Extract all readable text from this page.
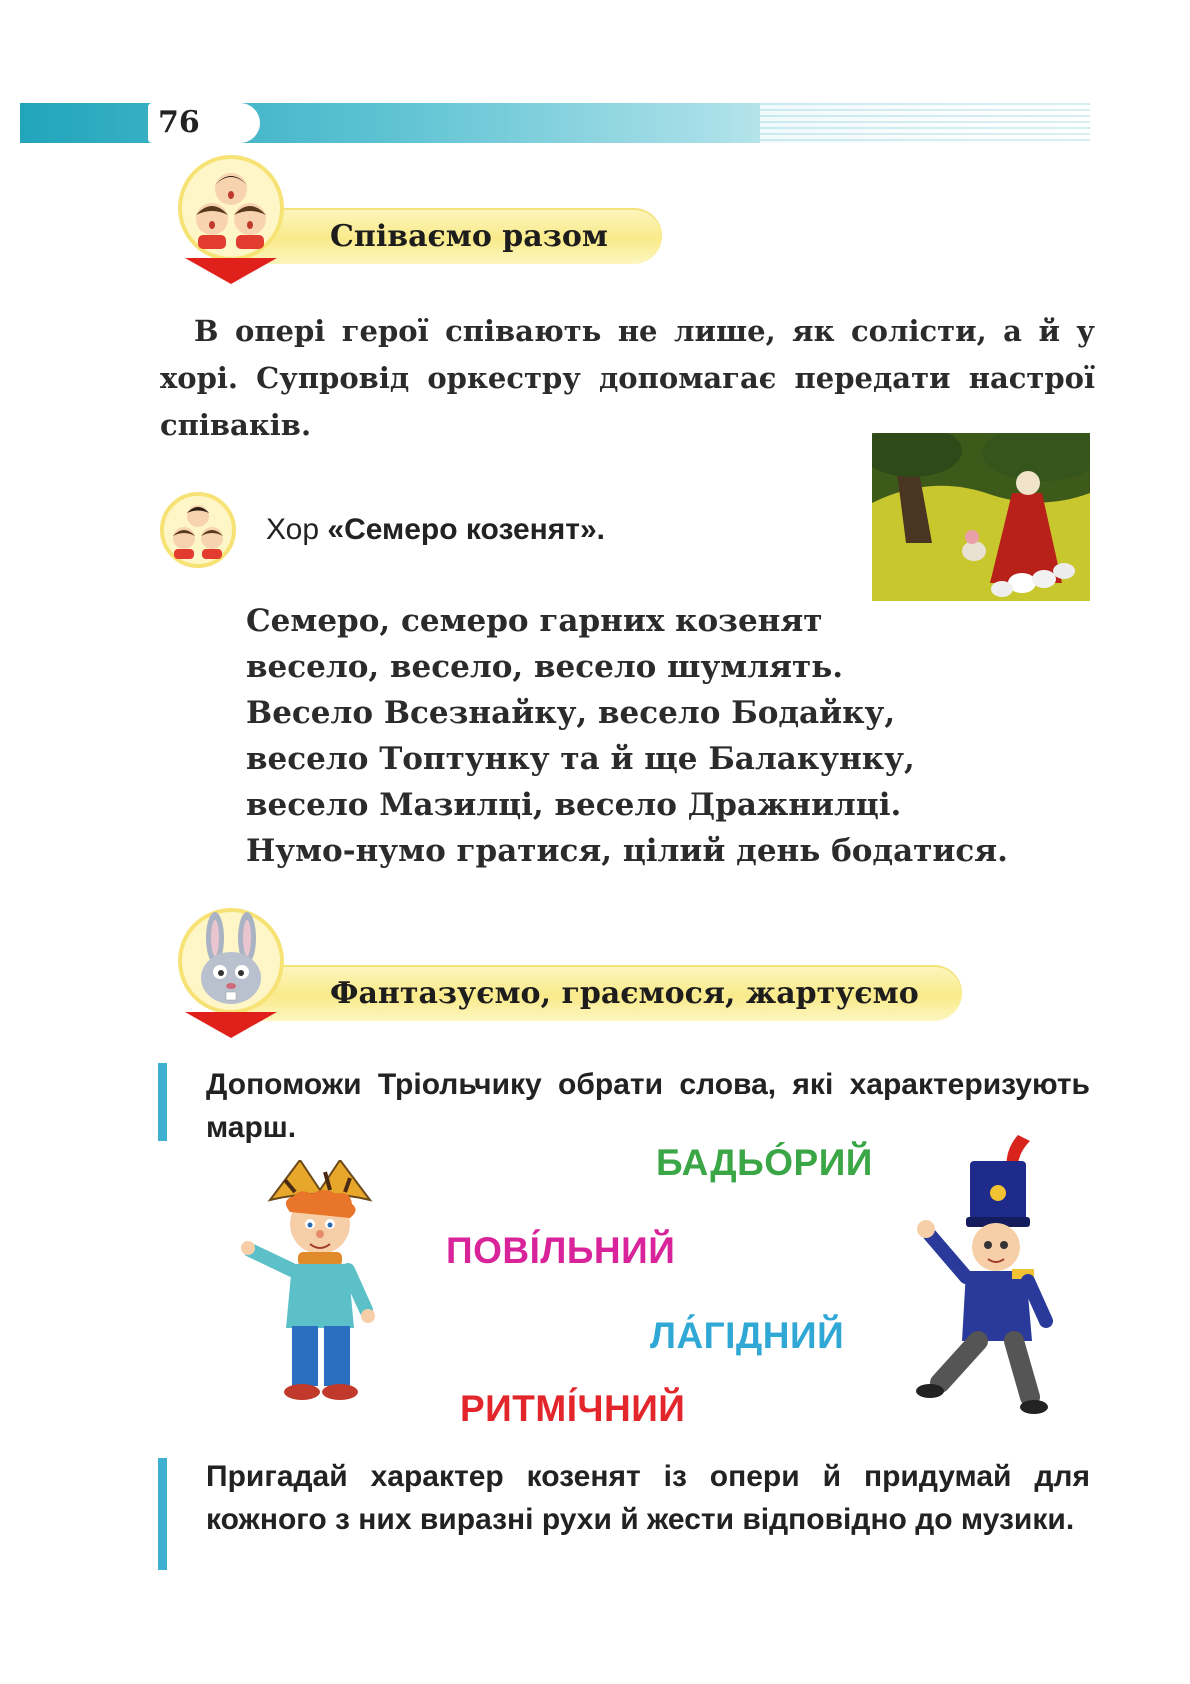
76
Співаємо разом
В опері герої співають не лише, як солісти, а й у хорі. Супровід оркестру допомагає передати настрої співаків.
Хор «Семеро козенят».
Семеро, семеро гарних козенят
весело, весело, весело шумлять.
Весело Всезнайку, весело Бодайку,
весело Топтунку та й ще Балакунку,
весело Мазилці, весело Дражнилці.
Нумо-нумо гратися, цілий день бодатися.
Фантазуємо, граємося, жартуємо
Допоможи Тріольчику обрати слова, які характеризують марш.
БАДЬÓРИЙ
ПОВІ́ЛЬНИЙ
ЛА́ГІДНИЙ
РИТМІ́ЧНИЙ
Пригадай характер козенят із опери й придумай для кожного з них виразні рухи й жести відповідно до музики.
